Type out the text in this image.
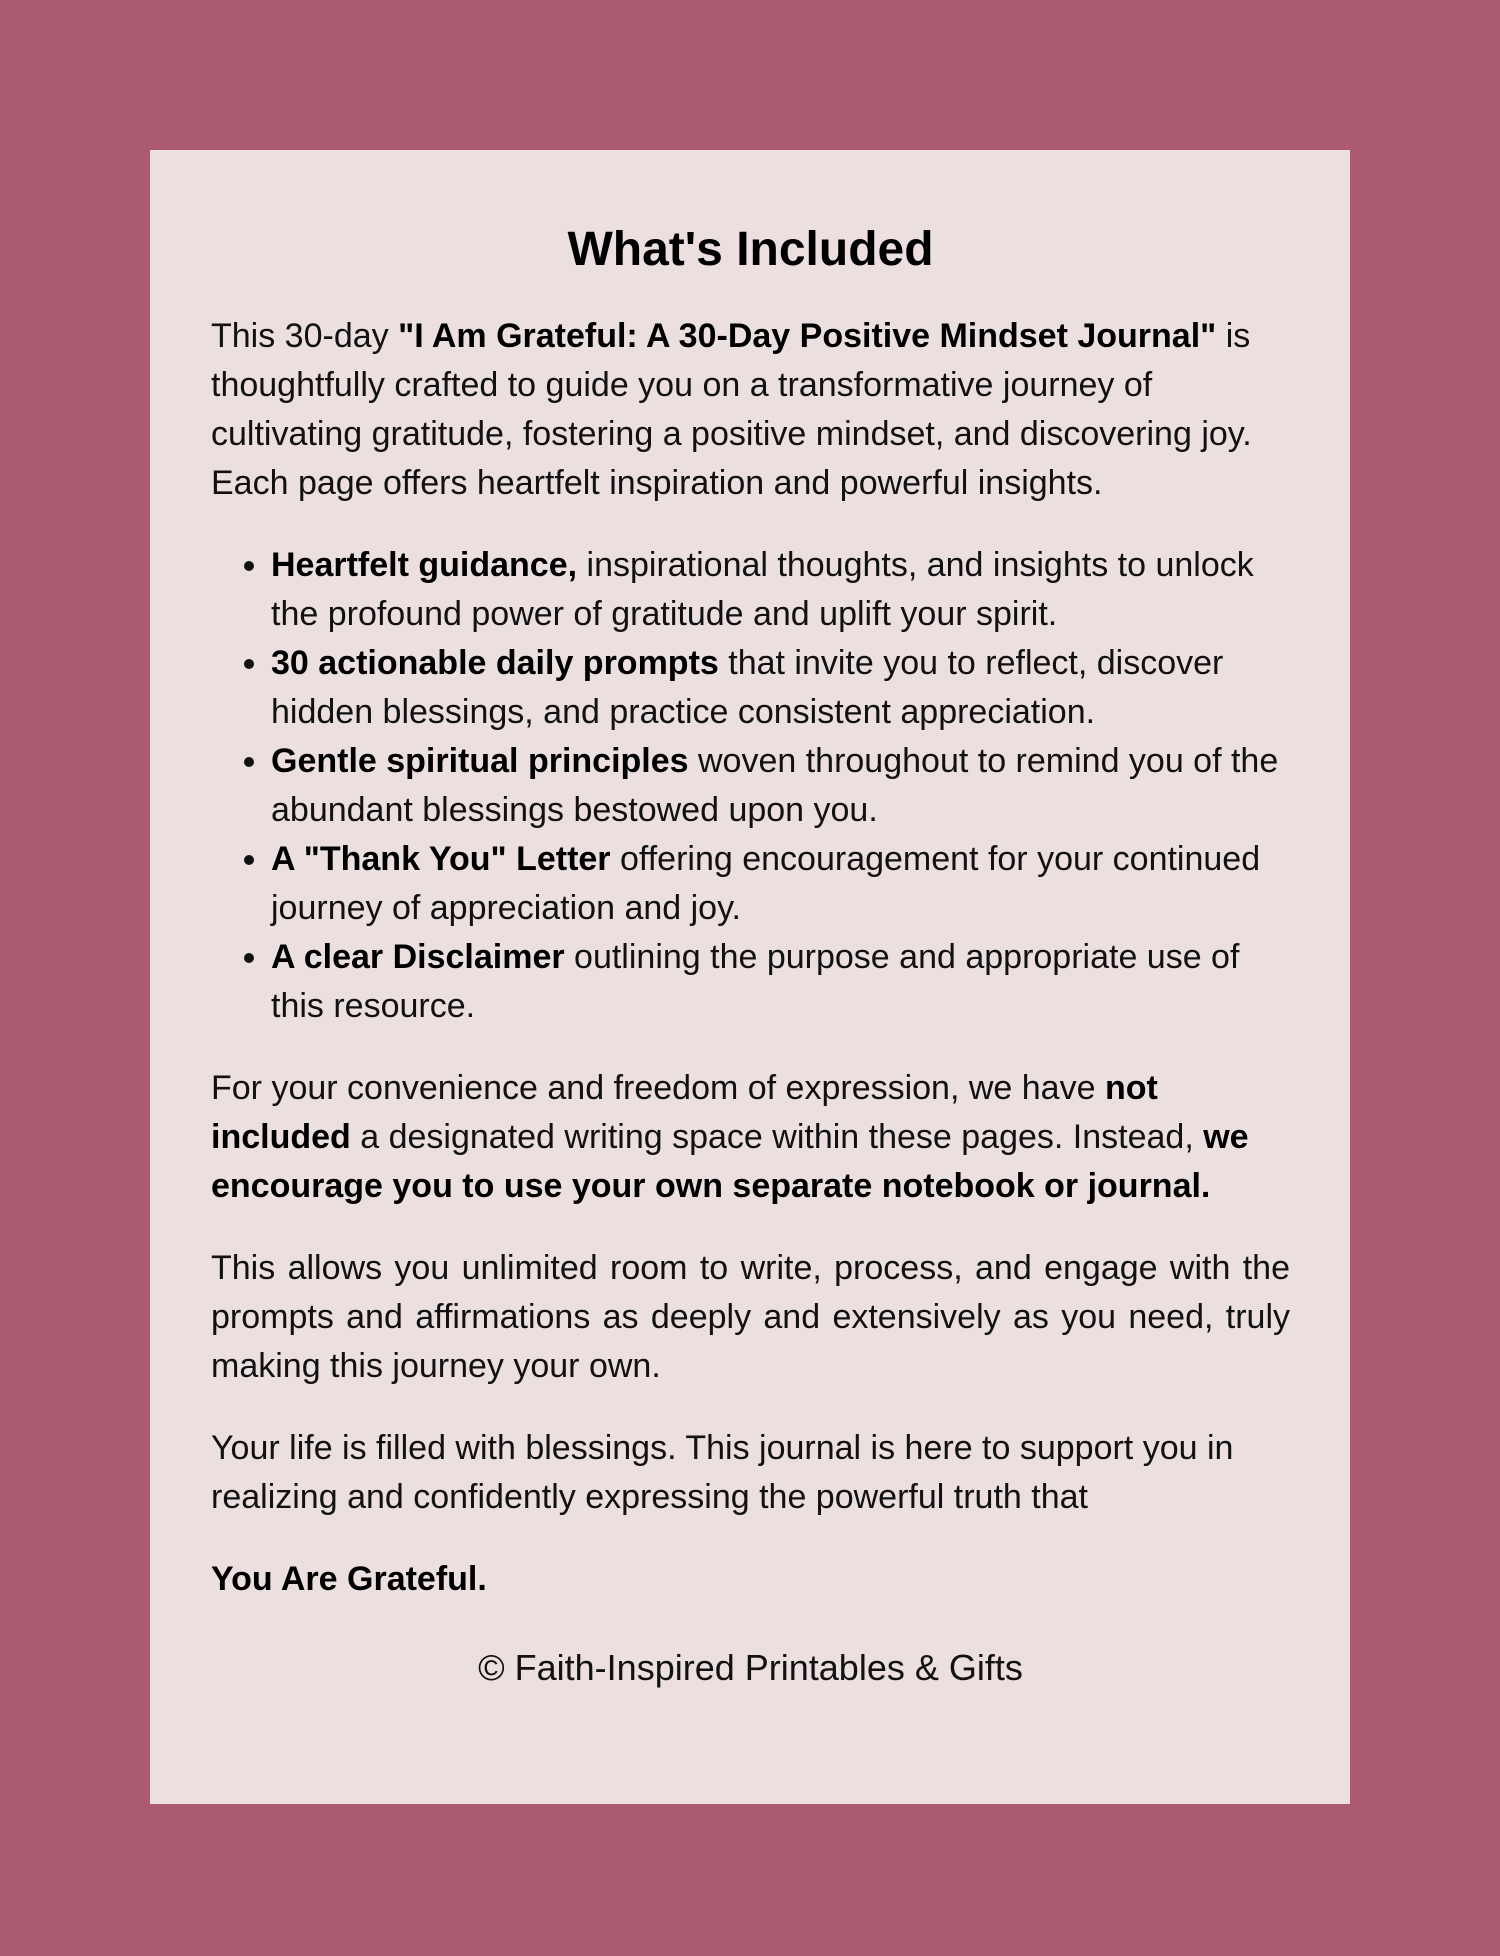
What's Included

This 30-day "I Am Grateful: A 30-Day Positive Mindset Journal" is thoughtfully crafted to guide you on a transformative journey of cultivating gratitude, fostering a positive mindset, and discovering joy. Each page offers heartfelt inspiration and powerful insights.

• Heartfelt guidance, inspirational thoughts, and insights to unlock the profound power of gratitude and uplift your spirit.
• 30 actionable daily prompts that invite you to reflect, discover hidden blessings, and practice consistent appreciation.
• Gentle spiritual principles woven throughout to remind you of the abundant blessings bestowed upon you.
• A "Thank You" Letter offering encouragement for your continued journey of appreciation and joy.
• A clear Disclaimer outlining the purpose and appropriate use of this resource.

For your convenience and freedom of expression, we have not included a designated writing space within these pages. Instead, we encourage you to use your own separate notebook or journal.

This allows you unlimited room to write, process, and engage with the prompts and affirmations as deeply and extensively as you need, truly making this journey your own.

Your life is filled with blessings. This journal is here to support you in realizing and confidently expressing the powerful truth that

You Are Grateful.

© Faith-Inspired Printables & Gifts
